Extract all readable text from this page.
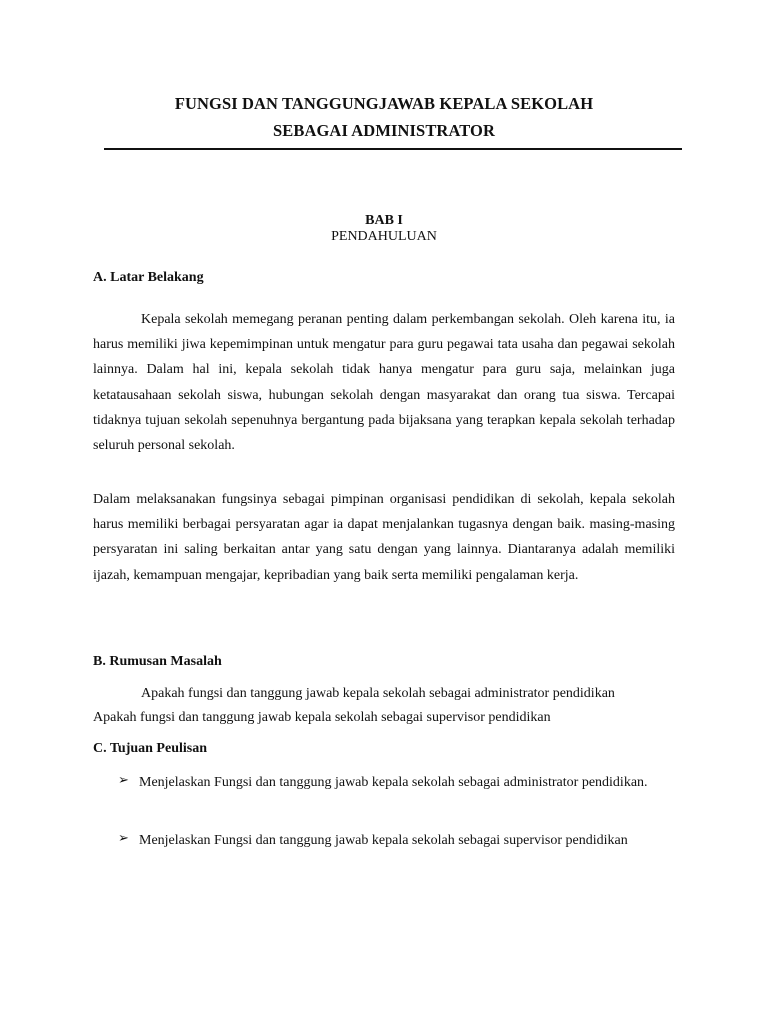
FUNGSI DAN TANGGUNGJAWAB KEPALA SEKOLAH
SEBAGAI ADMINISTRATOR
BAB I
PENDAHULUAN
A. Latar Belakang

Kepala sekolah memegang peranan penting dalam perkembangan sekolah. Oleh karena itu, ia harus memiliki jiwa kepemimpinan untuk mengatur para guru pegawai tata usaha dan pegawai sekolah lainnya. Dalam hal ini, kepala sekolah tidak hanya mengatur para guru saja, melainkan juga ketatausahaan sekolah siswa, hubungan sekolah dengan masyarakat dan orang tua siswa. Tercapai tidaknya tujuan sekolah sepenuhnya bergantung pada bijaksana yang terapkan kepala sekolah terhadap seluruh personal sekolah.

Dalam melaksanakan fungsinya sebagai pimpinan organisasi pendidikan di sekolah, kepala sekolah harus memiliki berbagai persyaratan agar ia dapat menjalankan tugasnya dengan baik. masing-masing persyaratan ini saling berkaitan antar yang satu dengan yang lainnya. Diantaranya adalah memiliki ijazah, kemampuan mengajar, kepribadian yang baik serta memiliki pengalaman kerja.

B. Rumusan Masalah

Apakah fungsi dan tanggung jawab kepala sekolah sebagai administrator pendidikan

Apakah fungsi dan tanggung jawab kepala sekolah sebagai supervisor pendidikan

C. Tujuan Peulisan
➢ Menjelaskan Fungsi dan tanggung jawab kepala sekolah sebagai administrator pendidikan.

➢ Menjelaskan Fungsi dan tanggung jawab kepala sekolah sebagai supervisor pendidikan
